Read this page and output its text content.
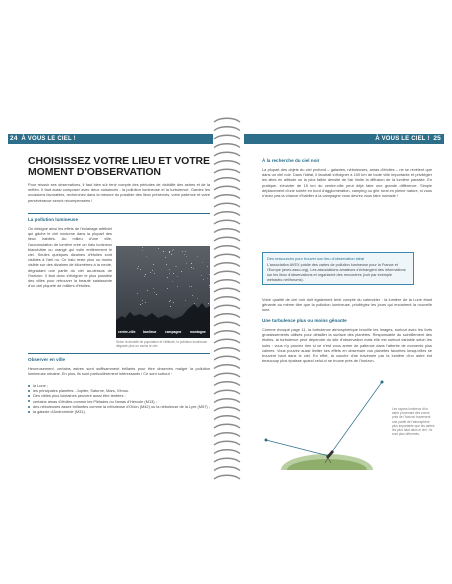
24 À VOUS LE CIEL !
CHOISISSEZ VOTRE LIEU ET VOTRE MOMENT D'OBSERVATION
Pour réussir ses observations, il faut bien sûr tenir compte des périodes de visibilité des astres et de la météo. Il faut aussi composer avec deux nuisances : la pollution lumineuse et la turbulence. Gardez les occasions favorables, recherchez dans la mesure du possible des lieux préservés, votre patience et votre persévérance seront récompensées !
La pollution lumineuse
On désigne ainsi les effets de l'éclairage artificiel qui gâche le ciel nocturne dans la plupart des lieux habités. Au milieu d'une ville, l'accumulation de lumière crée un halo lumineux blanchâtre ou orangé qui voile entièrement le ciel. Seules quelques dizaines d'étoiles sont visibles à l'œil nu. Ce halo reste plus ou moins visible sur des dizaines de kilomètres à la ronde, dégradant une partie du ciel au-dessus de l'horizon. Il faut donc s'éloigner le plus possible des villes pour retrouver la beauté saisissante d'un ciel piqueté de milliers d'étoiles.
centre-ville banlieue	campagne	montagne
Selon la densité de population et l'altitude, la pollution lumineuse dégrade plus ou moins le ciel.
Observer en ville
Heureusement, certains astres sont suffisamment brillants pour être observés malgré la pollution lumineuse urbaine. En plus, ils sont particulièrement intéressants ! Ce sont surtout :
la Lune ;
les principales planètes : Jupiter, Saturne, Mars, Vénus.
Des cibles plus lointaines peuvent aussi être tentées :
certains amas d'étoiles comme les Pléiades ou l'amas d'Hercule (M13) ;
des nébuleuses assez brillantes comme la nébuleuse d'Orion (M42) ou la nébuleuse de la Lyre (M57) ;
la galaxie d'Andromède (M31).
À VOUS LE CIEL ! 25
À la recherche du ciel noir
La plupart des objets du ciel profond – galaxies, nébuleuses, amas d'étoiles – ne se révèlent que dans un ciel noir. Dans l'idéal, il faudrait s'éloigner à 100 km de toute ville importante et privilégier les sites en altitude où la plus faible densité de l'air limite la diffusion de la lumière parasite. En pratique, s'écarter de 15 km du centre-ville peut déjà faire une grande différence. Simple déplacement d'une soirée en bord d'agglomération, camping ou gîte rural en pleine nature, si vous n'avez pas la chance d'habiter à la campagne vous devrez vous faire nomade !
Des ressources pour trouver son lieu d'observation idéal
L'association AVEX publie des cartes de pollution lumineuse pour la France et l'Europe (avex-asso.org). Les associations amateurs s'échangent des informations sur les lieux d'observations et organisent des rencontres (voir par exemple webastro.net/forums).
Votre qualité de ciel noir doit également tenir compte du calendrier : la lumière de la Lune étant gênante au même titre que la pollution lumineuse, privilégiez les jours qui encadrent la nouvelle lune.
Une turbulence plus ou moins gênante
Comme évoqué page 11, la turbulence atmosphérique brouille les images, surtout avec les forts grossissements utilisés pour détailler la surface des planètes. Responsable du scintillement des étoiles, la turbulence peut dépendre du site d'observation mais elle est surtout variable selon les soirs : vous n'y pouvez rien si ce n'est vous armer de patience dans l'attente de moments plus calmes. Vous pouvez aussi limiter ses effets en observant vos planètes favorites lorsqu'elles se trouvent haut dans le ciel. En effet, la couche d'air traversée par la lumière d'un astre est beaucoup plus épaisse quand celui-ci se trouve près de l'horizon.
Les rayons lumineux d'un astre provenant des zones près de l'horizon traversent une partie de l'atmosphère plus importante que les astres les plus haut dans le ciel : ils sont plus déformés.
